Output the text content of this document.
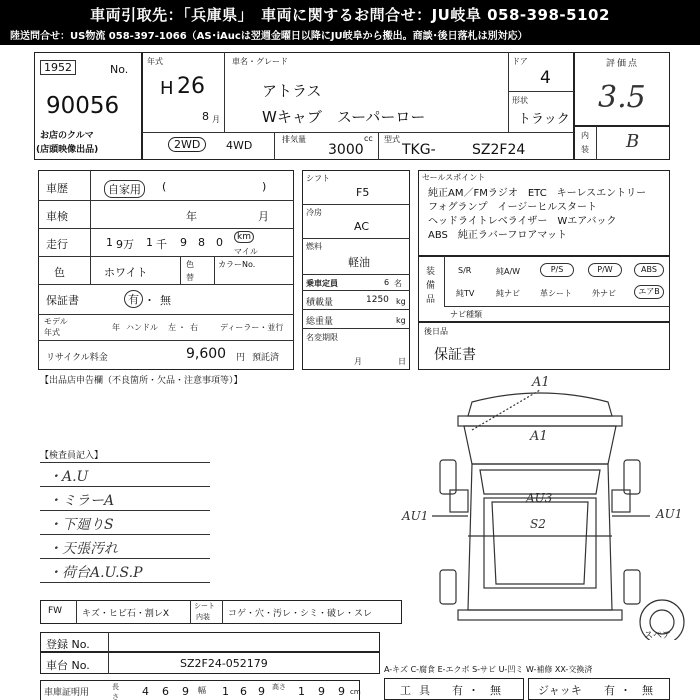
車両引取先：「兵庫県」　車両に関するお問合せ：JU岐阜 058-398-5102
陸送問合せ：US物流 058-397-1066（AS･iAucは翌週金曜日以降にJU岐阜から搬出。商談･後日落札は別対応）
1952	No.
90056
お店のクルマ
(店頭映像出品)
年式
H 26
8 月
車名・グレード
アトラス
Wキャブ　スーパーロー
ドア
4
形状
トラック
評価点
3.5
内
装 B
2WD	4WD	排気量	cc
3000
型式
TKG-	SZ2F24
車歴	自家用	(	)
車検	年	月
走行	1 9万 1 千 9 8 0	km
マイル
色	ホワイト
色
替
カラーNo.
保証書	有 ・ 無
モデル
年式
年 ハンドル 左 ・ 右	ディーラー・並行
リサイクル料金	9,600 円 預託済
【出品店申告欄（不良箇所・欠品・注意事項等）】
シフト
F5
冷房
AC
燃料
軽油
乗車定員	6 名
積載量	1250 kg
総重量	kg
名変期限
月	日
セールスポイント
純正AM／FMラジオ　ETC　キーレスエントリー
フォグランプ　イージーヒルスタート
ヘッドライトレベライザー　Wエアバック
ABS　純正ラバーフロアマット
装
備
品
S/R	純A/W	P/S	P/W	ABS
純TV	純ナビ	革シート	外ナビ	エアB
ナビ種類
後日品
保証書
【検査員記入】
・A.U
・ミラーA
・下廻りS
・天張汚れ
・荷台A.U.S.P
A1
A1
AU3
S2
AU1	AU1
スペア
FW キズ・ヒビ石・割レX
シート
内装 コゲ・穴・汚レ・シミ・破レ・スレ
登録 No.
車台 No.	SZ2F24-052179	A-キズ C-腐食 E-エクボ S-サビ U-凹ミ W-補修 XX-交換済
車庫証明用
長さ 4 6 9 幅 1 6 9 高さ 1 9 9 cm	工具 有 ・ 無	ジャッキ 有 ・ 無
